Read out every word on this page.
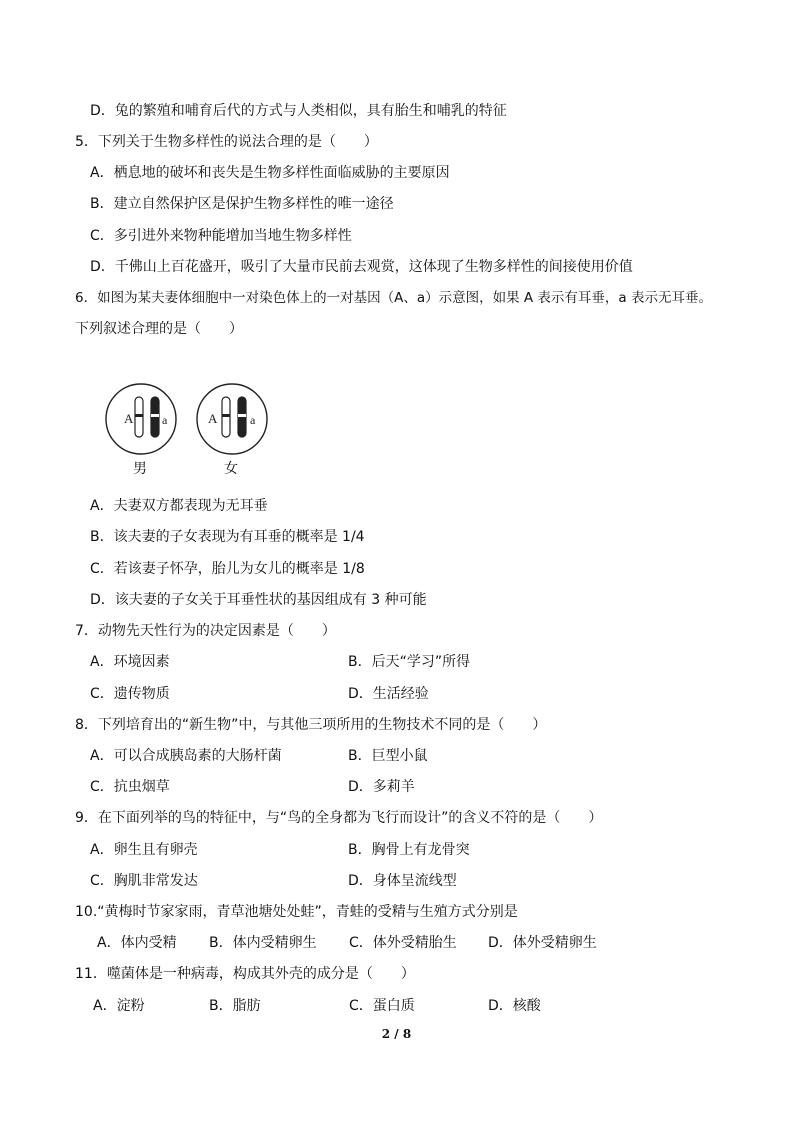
D．兔的繁殖和哺育后代的方式与人类相似，具有胎生和哺乳的特征
5．下列关于生物多样性的说法合理的是（　　）
A．栖息地的破坏和丧失是生物多样性面临威胁的主要原因
B．建立自然保护区是保护生物多样性的唯一途径
C．多引进外来物种能增加当地生物多样性
D．千佛山上百花盛开，吸引了大量市民前去观赏，这体现了生物多样性的间接使用价值
6．如图为某夫妻体细胞中一对染色体上的一对基因（A、a）示意图，如果 A 表示有耳垂，a 表示无耳垂。
下列叙述合理的是（　　）
A a
男
A	a
女
A．夫妻双方都表现为无耳垂
B．该夫妻的子女表现为有耳垂的概率是 1/4
C．若该妻子怀孕，胎儿为女儿的概率是 1/8
D．该夫妻的子女关于耳垂性状的基因组成有 3 种可能
7．动物先天性行为的决定因素是（　　）
A．环境因素	B．后天“学习”所得
C．遗传物质	D．生活经验
8．下列培育出的“新生物”中，与其他三项所用的生物技术不同的是（　　）
A．可以合成胰岛素的大肠杆菌	B．巨型小鼠
C．抗虫烟草	D．多莉羊
9．在下面列举的鸟的特征中，与“鸟的全身都为飞行而设计”的含义不符的是（　　）
A．卵生且有卵壳	B．胸骨上有龙骨突
C．胸肌非常发达	D．身体呈流线型
10.“黄梅时节家家雨，青草池塘处处蛙”，青蛙的受精与生殖方式分别是
A．体内受精 B．体内受精卵生 C．体外受精胎生 D．体外受精卵生
11．噬菌体是一种病毒，构成其外壳的成分是（　　）
A．淀粉	B．脂肪	C．蛋白质	D．核酸
2 / 8
